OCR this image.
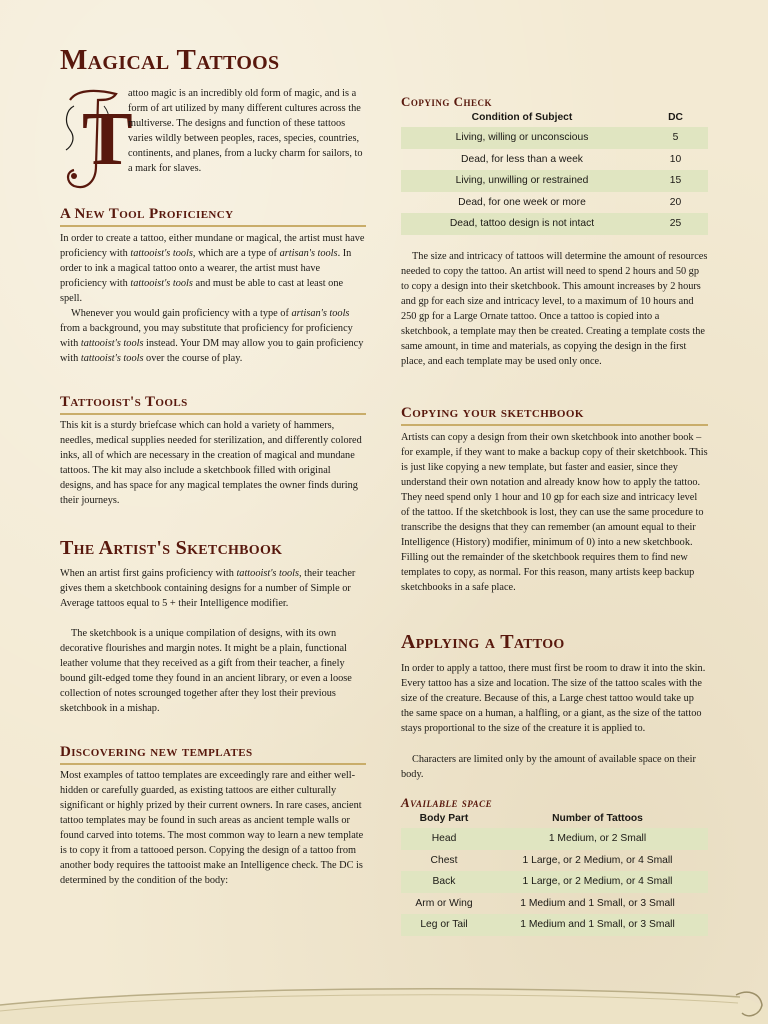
Magical Tattoos
T

attoo magic is an incredibly old form of magic, and is a form of art utilized by many different cultures across the multiverse. The designs and function of these tattoos varies wildly between peoples, races, species, countries, continents, and planes, from a lucky charm for sailors, to a mark for slaves.

A New Tool Proficiency

In order to create a tattoo, either mundane or magical, the artist must have proficiency with tattooist's tools, which are a type of artisan's tools. In order to ink a magical tattoo onto a wearer, the artist must have proficiency with tattooist's tools and must be able to cast at least one spell.

Whenever you would gain proficiency with a type of artisan's tools from a background, you may substitute that proficiency for proficiency with tattooist's tools instead. Your DM may allow you to gain proficiency with tattooist's tools over the course of play.

Tattooist's Tools

This kit is a sturdy briefcase which can hold a variety of hammers, needles, medical supplies needed for sterilization, and differently colored inks, all of which are necessary in the creation of magical and mundane tattoos. The kit may also include a sketchbook filled with original designs, and has space for any magical templates the owner finds during their journeys.

The Artist's Sketchbook

When an artist first gains proficiency with tattooist's tools, their teacher gives them a sketchbook containing designs for a number of Simple or Average tattoos equal to 5 + their Intelligence modifier.

The sketchbook is a unique compilation of designs, with its own decorative flourishes and margin notes. It might be a plain, functional leather volume that they received as a gift from their teacher, a finely bound gilt-edged tome they found in an ancient library, or even a loose collection of notes scrounged together after they lost their previous sketchbook in a mishap.

Discovering new templates

Most examples of tattoo templates are exceedingly rare and either well-hidden or carefully guarded, as existing tattoos are either culturally significant or highly prized by their current owners. In rare cases, ancient tattoo templates may be found in such areas as ancient temple walls or found carved into totems. The most common way to learn a new template is to copy it from a tattooed person. Copying the design of a tattoo from another body requires the tattooist make an Intelligence check. The DC is determined by the condition of the body:

Copying Check
Condition of Subject	DC
Living, willing or unconscious	5
Dead, for less than a week	10
Living, unwilling or restrained	15
Dead, for one week or more	20
Dead, tattoo design is not intact	25

The size and intricacy of tattoos will determine the amount of resources needed to copy the tattoo. An artist will need to spend 2 hours and 50 gp to copy a design into their sketchbook. This amount increases by 2 hours and gp for each size and intricacy level, to a maximum of 10 hours and 250 gp for a Large Ornate tattoo. Once a tattoo is copied into a sketchbook, a template may then be created. Creating a template costs the same amount, in time and materials, as copying the design in the first place, and each template may be used only once.

Copying your sketchbook

Artists can copy a design from their own sketchbook into another book – for example, if they want to make a backup copy of their sketchbook. This is just like copying a new template, but faster and easier, since they understand their own notation and already know how to apply the tattoo. They need spend only 1 hour and 10 gp for each size and intricacy level of the tattoo. If the sketchbook is lost, they can use the same procedure to transcribe the designs that they can remember (an amount equal to their Intelligence (History) modifier, minimum of 0) into a new sketchbook. Filling out the remainder of the sketchbook requires them to find new templates to copy, as normal. For this reason, many artists keep backup sketchbooks in a safe place.

Applying a Tattoo

In order to apply a tattoo, there must first be room to draw it into the skin. Every tattoo has a size and location. The size of the tattoo scales with the size of the creature. Because of this, a Large chest tattoo would take up the same space on a human, a halfling, or a giant, as the size of the tattoo stays proportional to the size of the creature it is applied to.

Characters are limited only by the amount of available space on their body.

Available space
Body Part	Number of Tattoos
Head	1 Medium, or 2 Small
Chest	1 Large, or 2 Medium, or 4 Small
Back	1 Large, or 2 Medium, or 4 Small
Arm or Wing	1 Medium and 1 Small, or 3 Small
Leg or Tail	1 Medium and 1 Small, or 3 Small
